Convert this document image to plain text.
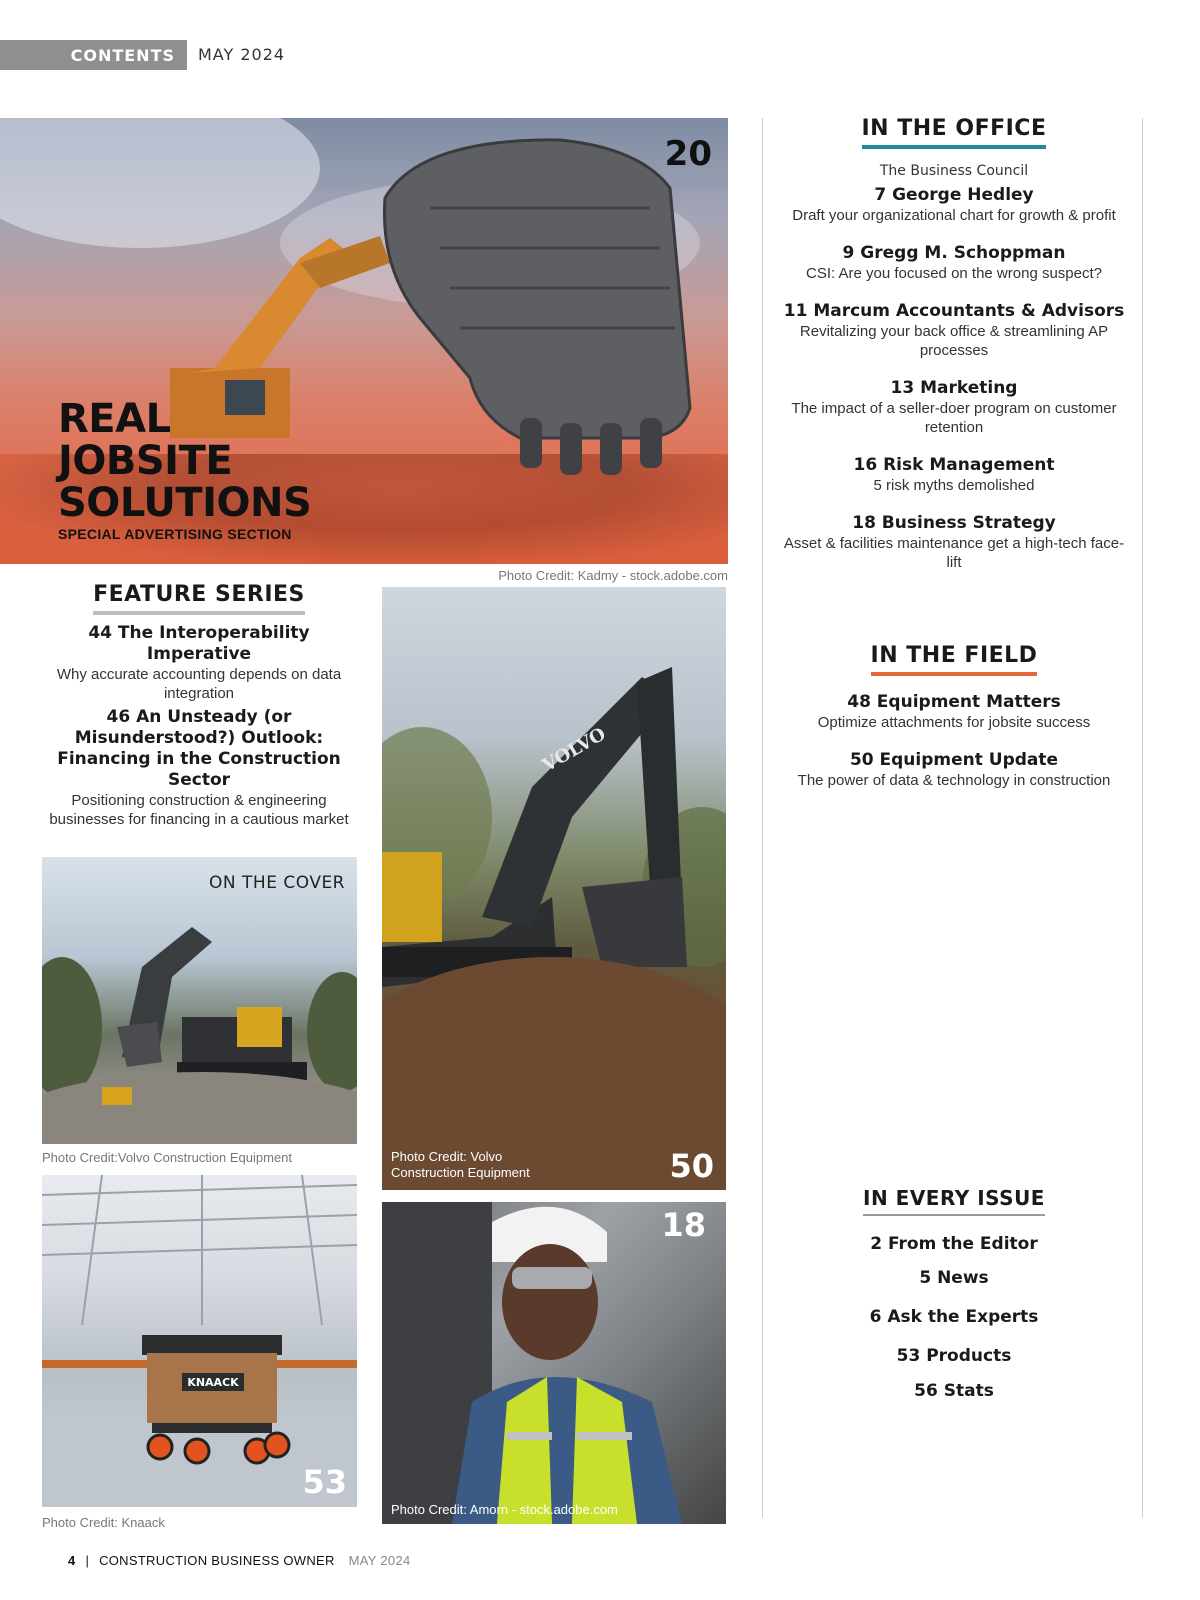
CONTENTS MAY 2024
20
REAL
JOBSITE
SOLUTIONS
SPECIAL ADVERTISING SECTION
Photo Credit: Kadmy - stock.adobe.com
FEATURE SERIES
44 The Interoperability Imperative
Why accurate accounting depends on data integration
46 An Unsteady (or Misunderstood?) Outlook: Financing in the Construction Sector
Positioning construction & engineering businesses for financing in a cautious market
VOLVO
Photo Credit: Volvo Construction Equipment	50
ON THE COVER
Photo Credit:Volvo Construction Equipment
KNAACK
53
Photo Credit: Knaack
18
Photo Credit: Amorn - stock.adobe.com
IN THE OFFICE
The Business Council
7 George Hedley
Draft your organizational chart for growth & profit
9 Gregg M. Schoppman
CSI: Are you focused on the wrong suspect?
11 Marcum Accountants & Advisors
Revitalizing your back office & streamlining AP processes
13 Marketing
The impact of a seller-doer program on customer retention
16 Risk Management
5 risk myths demolished
18 Business Strategy
Asset & facilities maintenance get a high-tech face-lift
IN THE FIELD
48 Equipment Matters
Optimize attachments for jobsite success
50 Equipment Update
The power of data & technology in construction
IN EVERY ISSUE
2 From the Editor
5 News
6 Ask the Experts
53 Products
56 Stats
4 | CONSTRUCTION BUSINESS OWNER MAY 2024
